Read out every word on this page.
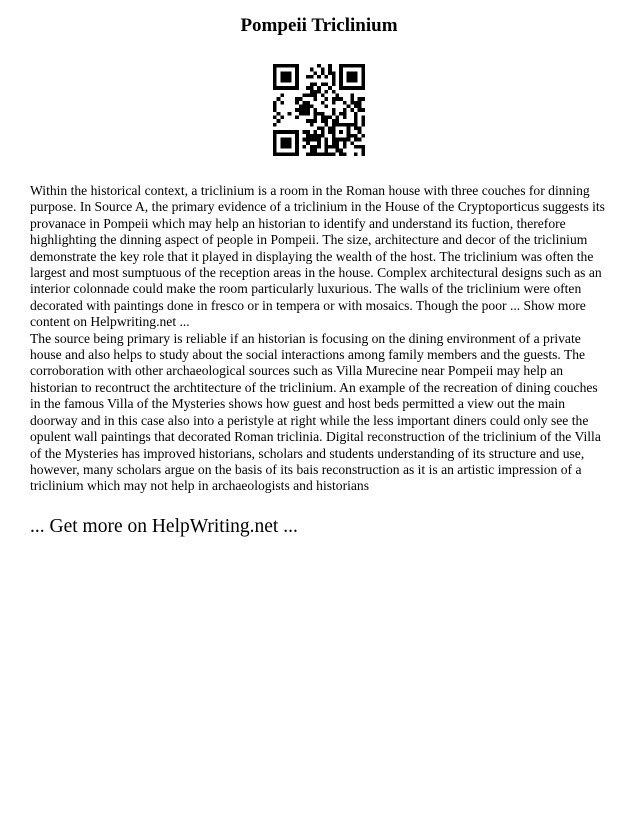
Pompeii Triclinium

Within the historical context, a triclinium is a room in the Roman house with three couches for dinning purpose. In Source A, the primary evidence of a triclinium in the House of the Cryptoporticus suggests its provanace in Pompeii which may help an historian to identify and understand its fuction, therefore highlighting the dinning aspect of people in Pompeii. The size, architecture and decor of the triclinium demonstrate the key role that it played in displaying the wealth of the host. The triclinium was often the largest and most sumptuous of the reception areas in the house. Complex architectural designs such as an interior colonnade could make the room particularly luxurious. The walls of the triclinium were often decorated with paintings done in fresco or in tempera or with mosaics. Though the poor ... Show more content on Helpwriting.net ...

The source being primary is reliable if an historian is focusing on the dining environment of a private house and also helps to study about the social interactions among family members and the guests. The corroboration with other archaeological sources such as Villa Murecine near Pompeii may help an historian to recontruct the archtitecture of the triclinium. An example of the recreation of dining couches in the famous Villa of the Mysteries shows how guest and host beds permitted a view out the main doorway and in this case also into a peristyle at right while the less important diners could only see the opulent wall paintings that decorated Roman triclinia. Digital reconstruction of the triclinium of the Villa of the Mysteries has improved historians, scholars and students understanding of its structure and use, however, many scholars argue on the basis of its bais reconstruction as it is an artistic impression of a triclinium which may not help in archaeologists and historians

... Get more on HelpWriting.net ...
